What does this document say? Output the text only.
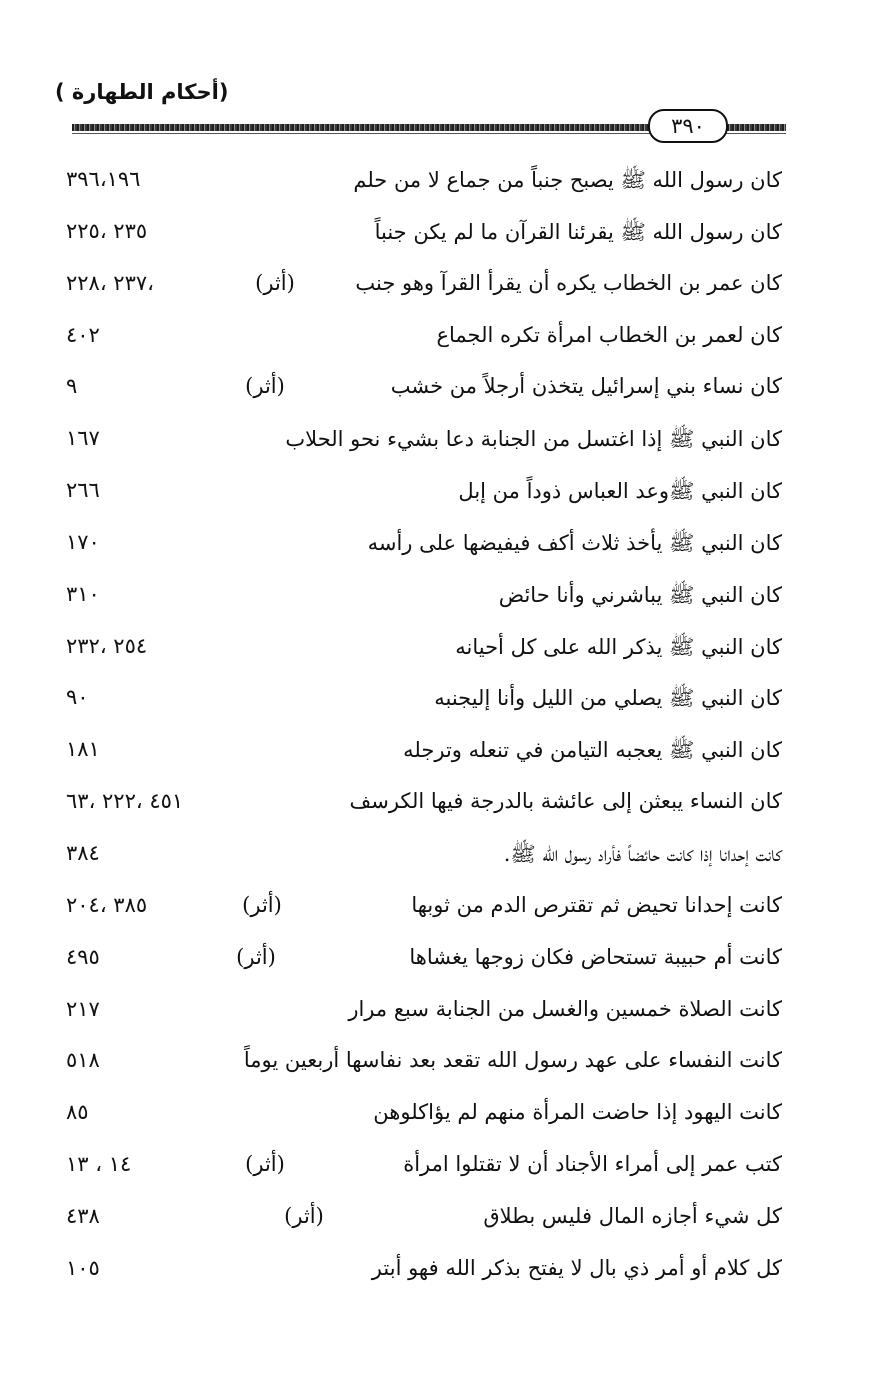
(أحكام الطهارة )
٣٩٠
كان رسول الله ﷺ يصبح جنباً من جماع لا من حلم
٣٩٦،١٩٦
كان رسول الله ﷺ يقرئنا القرآن ما لم يكن جنباً
٢٣٥ ،٢٢٥
كان عمر بن الخطاب يكره أن يقرأ القرآ وهو جنب
(أثر)
،٢٣٧ ،٢٢٨
كان لعمر بن الخطاب امرأة تكره الجماع
٤٠٢
كان نساء بني إسرائيل يتخذن أرجلاً من خشب
(أثر)
٩
كان النبي ﷺ إذا اغتسل من الجنابة دعا بشيء نحو الحلاب
١٦٧
كان النبي ﷺوعد العباس ذوداً من إبل
٢٦٦
كان النبي ﷺ يأخذ ثلاث أكف فيفيضها على رأسه
١٧٠
كان النبي ﷺ يباشرني وأنا حائض
٣١٠
كان النبي ﷺ يذكر الله على كل أحيانه
٢٥٤ ،٢٣٢
كان النبي ﷺ يصلي من الليل وأنا إليجنبه
٩٠
كان النبي ﷺ يعجبه التيامن في تنعله وترجله
١٨١
كان النساء يبعثن إلى عائشة بالدرجة فيها الكرسف
٤٥١ ،٢٢٢ ،٦٣
كانت إحدانا إذا كانت حائضاً فأراد رسول الله ﷺ.
٣٨٤
كانت إحدانا تحيض ثم تقترص الدم من ثوبها
(أثر)
٣٨٥ ،٢٠٤
كانت أم حبيبة تستحاض فكان زوجها يغشاها
(أثر)
٤٩٥
كانت الصلاة خمسين والغسل من الجنابة سبع مرار
٢١٧
كانت النفساء على عهد رسول الله تقعد بعد نفاسها أربعين يوماً
٥١٨
كانت اليهود إذا حاضت المرأة منهم لم يؤاكلوهن
٨٥
كتب عمر إلى أمراء الأجناد أن لا تقتلوا امرأة
(أثر)
١٤ ، ١٣
كل شيء أجازه المال فليس بطلاق
(أثر)
٤٣٨
كل كلام أو أمر ذي بال لا يفتح بذكر الله فهو أبتر
١٠٥
